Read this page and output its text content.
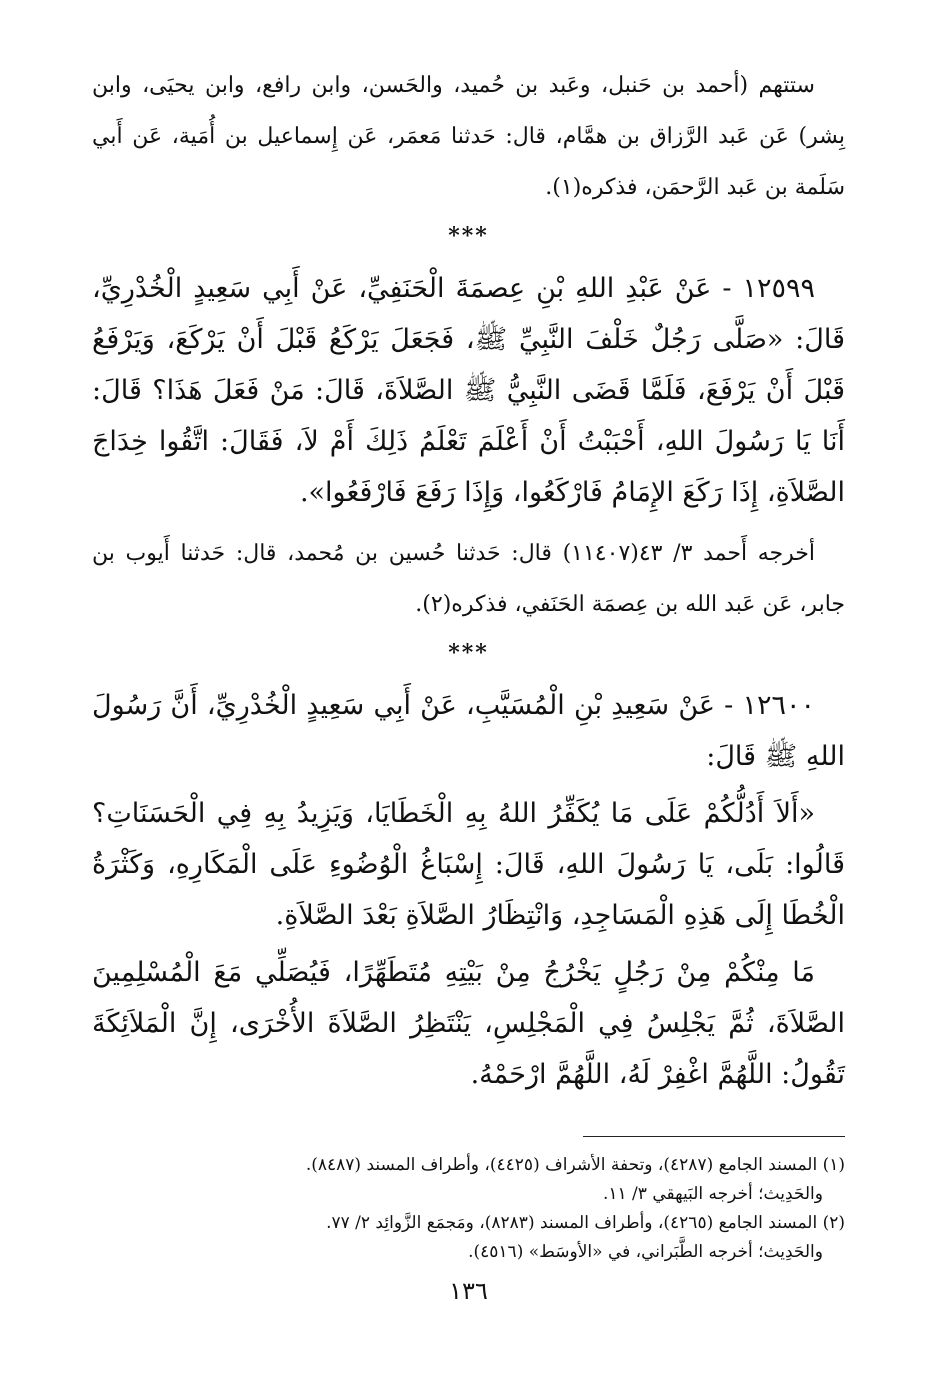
ستتهم (أحمد بن حَنبل، وعَبد بن حُميد، والحَسن، وابن رافع، وابن يحيَى، وابن بِشر) عَن عَبد الرَّزاق بن همَّام، قال: حَدثنا مَعمَر، عَن إِسماعيل بن أُمَية، عَن أَبي سَلَمة بن عَبد الرَّحمَن، فذكره(١).

***

١٢٥٩٩ - عَنْ عَبْدِ اللهِ بْنِ عِصمَةَ الْحَنَفِيِّ، عَنْ أَبِي سَعِيدٍ الْخُدْرِيِّ، قَالَ: «صَلَّى رَجُلٌ خَلْفَ النَّبِيِّ ﷺ، فَجَعَلَ يَرْكَعُ قَبْلَ أَنْ يَرْكَعَ، وَيَرْفَعُ قَبْلَ أَنْ يَرْفَعَ، فَلَمَّا قَضَى النَّبِيُّ ﷺ الصَّلاَةَ، قَالَ: مَنْ فَعَلَ هَذَا؟ قَالَ: أَنَا يَا رَسُولَ اللهِ، أَحْبَبْتُ أَنْ أَعْلَمَ تَعْلَمُ ذَلِكَ أَمْ لاَ، فَقَالَ: اتَّقُوا خِدَاجَ الصَّلاَةِ، إِذَا رَكَعَ الإِمَامُ فَارْكَعُوا، وَإِذَا رَفَعَ فَارْفَعُوا».

أخرجه أَحمد ٣/ ٤٣(١١٤٠٧) قال: حَدثنا حُسين بن مُحمد، قال: حَدثنا أَيوب بن جابر، عَن عَبد الله بن عِصمَة الحَنَفي، فذكره(٢).

***

١٢٦٠٠ - عَنْ سَعِيدِ بْنِ الْمُسَيَّبِ، عَنْ أَبِي سَعِيدٍ الْخُدْرِيِّ، أَنَّ رَسُولَ اللهِ ﷺ قَالَ:

«أَلاَ أَدُلُّكُمْ عَلَى مَا يُكَفِّرُ اللهُ بِهِ الْخَطَايَا، وَيَزِيدُ بِهِ فِي الْحَسَنَاتِ؟ قَالُوا: بَلَى، يَا رَسُولَ اللهِ، قَالَ: إِسْبَاغُ الْوُضُوءِ عَلَى الْمَكَارِهِ، وَكَثْرَةُ الْخُطَا إِلَى هَذِهِ الْمَسَاجِدِ، وَانْتِظَارُ الصَّلاَةِ بَعْدَ الصَّلاَةِ.

مَا مِنْكُمْ مِنْ رَجُلٍ يَخْرُجُ مِنْ بَيْتِهِ مُتَطَهِّرًا، فَيُصَلِّي مَعَ الْمُسْلِمِينَ الصَّلاَةَ، ثُمَّ يَجْلِسُ فِي الْمَجْلِسِ، يَنْتَظِرُ الصَّلاَةَ الأُخْرَى، إِنَّ الْمَلاَئِكَةَ تَقُولُ: اللَّهُمَّ اغْفِرْ لَهُ، اللَّهُمَّ ارْحَمْهُ.

(١) المسند الجامع (٤٢٨٧)، وتحفة الأشراف (٤٤٢٥)، وأطراف المسند (٨٤٨٧).

والحَدِيث؛ أخرجه البَيهقي ٣/ ١١.

(٢) المسند الجامع (٤٢٦٥)، وأطراف المسند (٨٢٨٣)، ومَجمَع الزَّوائِد ٢/ ٧٧.

والحَدِيث؛ أخرجه الطَّبَراني، في «الأوسَط» (٤٥١٦).

١٣٦
